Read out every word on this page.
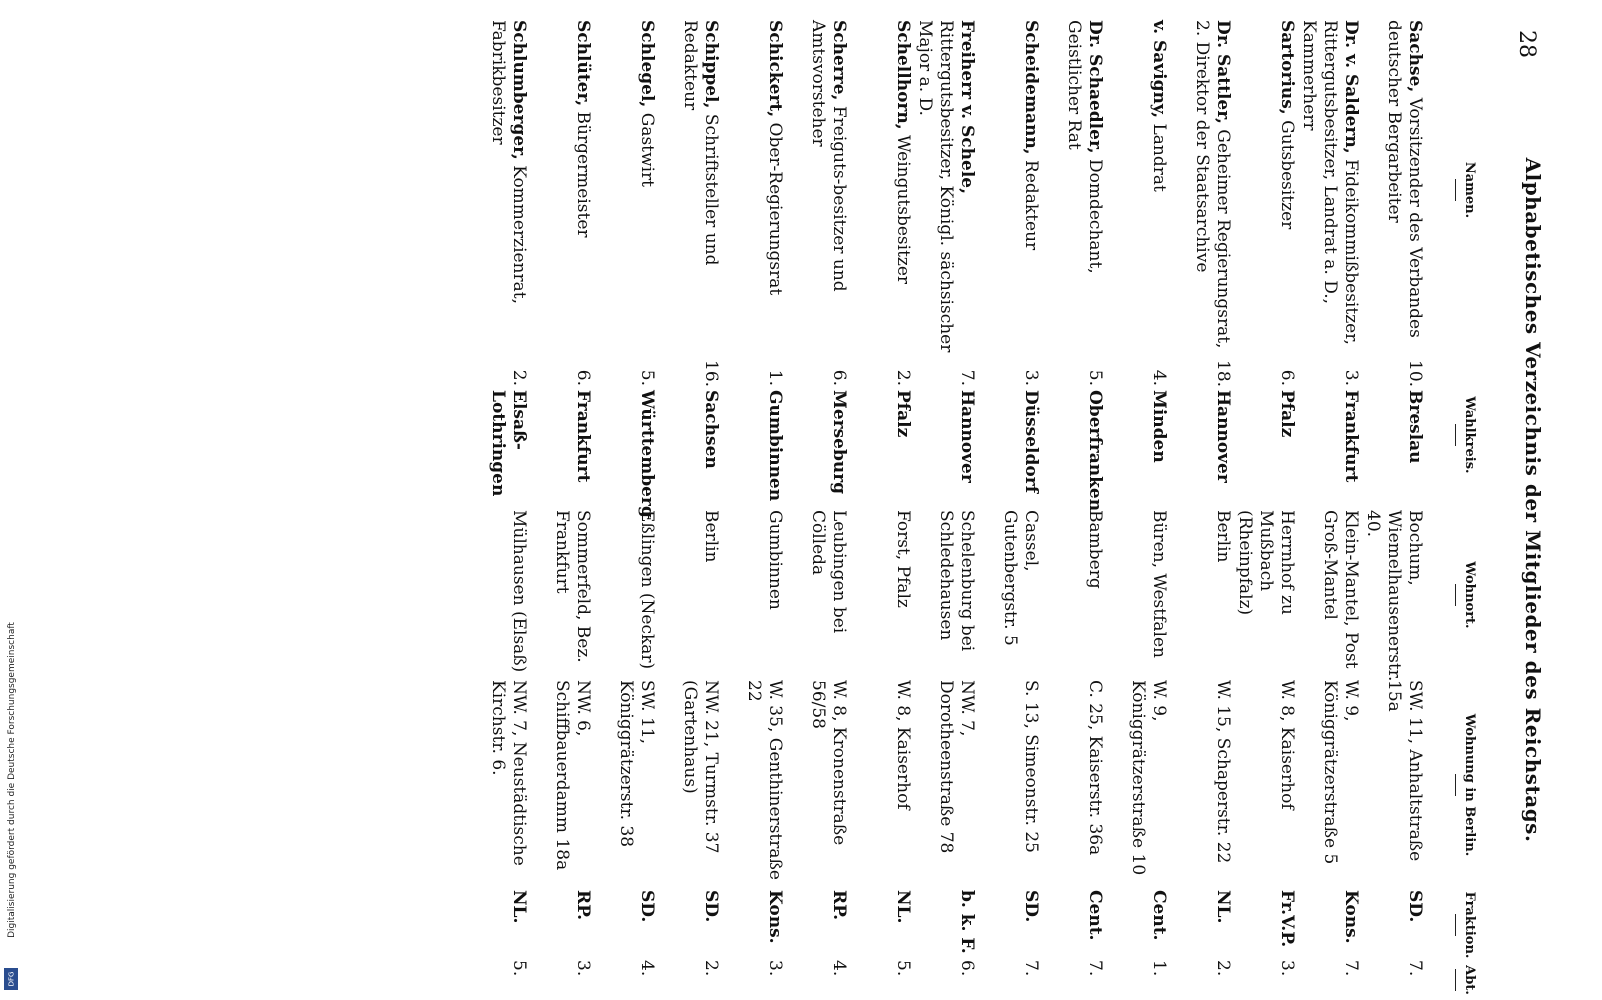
Digitalisierung gefördert durch die Deutsche Forschungsgemeinschaft
DFG
28
Alphabetisches Verzeichnis der Mitglieder des Reichstags.
Namen.
Wahlkreis.
Wohnort.
Wohnung in Berlin.
Fraktion.
Abt.
Sachse, Vorsitzender des Verbandes deutscher Bergarbeiter	10.	Breslau	Bochum, Wiemelhausenerstr. 40.	SW. 11, Anhaltstraße 15a	SD.	7.
Dr. v. Saldern, Fideikommißbesitzer, Rittergutsbesitzer, Landrat a. D., Kammerherr	3.	Frankfurt	Klein-Mantel, Post Groß-Mantel	W. 9, Königgrätzerstraße 5	Kons.	7.
Sartorius, Gutsbesitzer	6.	Pfalz	Herrnhof zu Mußbach (Rheinpfalz)	W. 8, Kaiserhof	Fr.V.P.	3.
Dr. Sattler, Geheimer Regierungsrat, 2. Direktor der Staatsarchive	18.	Hannover	Berlin	W. 15, Schaperstr. 22	NL.	2.
v. Savigny, Landrat	4.	Minden	Büren, Westfalen	W. 9, Königgrätzerstraße 10	Cent.	1.
Dr. Schaedler, Domdechant, Geistlicher Rat	5.	Oberfranken	Bamberg	C. 25, Kaiserstr. 36a	Cent.	7.
Scheidemann, Redakteur	3.	Düsseldorf	Cassel, Gutenbergstr. 5	S. 13, Simeonstr. 25	SD.	7.
Freiherr v. Schele, Rittergutsbesitzer, Königl. sächsischer Major a. D.	7.	Hannover	Schelenburg bei Schledehausen	NW. 7, Dorotheenstraße 78	b. k. F.	6.
Schellhorn, Weingutsbesitzer	2.	Pfalz	Forst, Pfalz	W. 8, Kaiserhof	NL.	5.
Scherre, Freiguts-besitzer und Amtsvorsteher	6.	Merseburg	Leubingen bei Cölleda	W. 8, Kronenstraße 56/58	RP.	4.
Schickert, Ober-Regierungsrat	1.	Gumbinnen	Gumbinnen	W. 35, Genthinerstraße 22	Kons.	3.
Schippel, Schriftsteller und Redakteur	16.	Sachsen	Berlin	NW. 21, Turmstr. 37 (Gartenhaus)	SD.	2.
Schlegel, Gastwirt	5.	Württemberg	Eßlingen (Neckar)	SW. 11, Königgrätzerstr. 38	SD.	4.
Schlüter, Bürgermeister	6.	Frankfurt	Sommerfeld, Bez. Frankfurt	NW. 6, Schiffbauerdamm 18a	RP.	3.
Schlumberger, Kommerzienrat, Fabrikbesitzer	2.	Elsaß-Lothringen	Mülhausen (Elsaß)	NW. 7, Neustädtische Kirchstr. 6.	NL.	5.
